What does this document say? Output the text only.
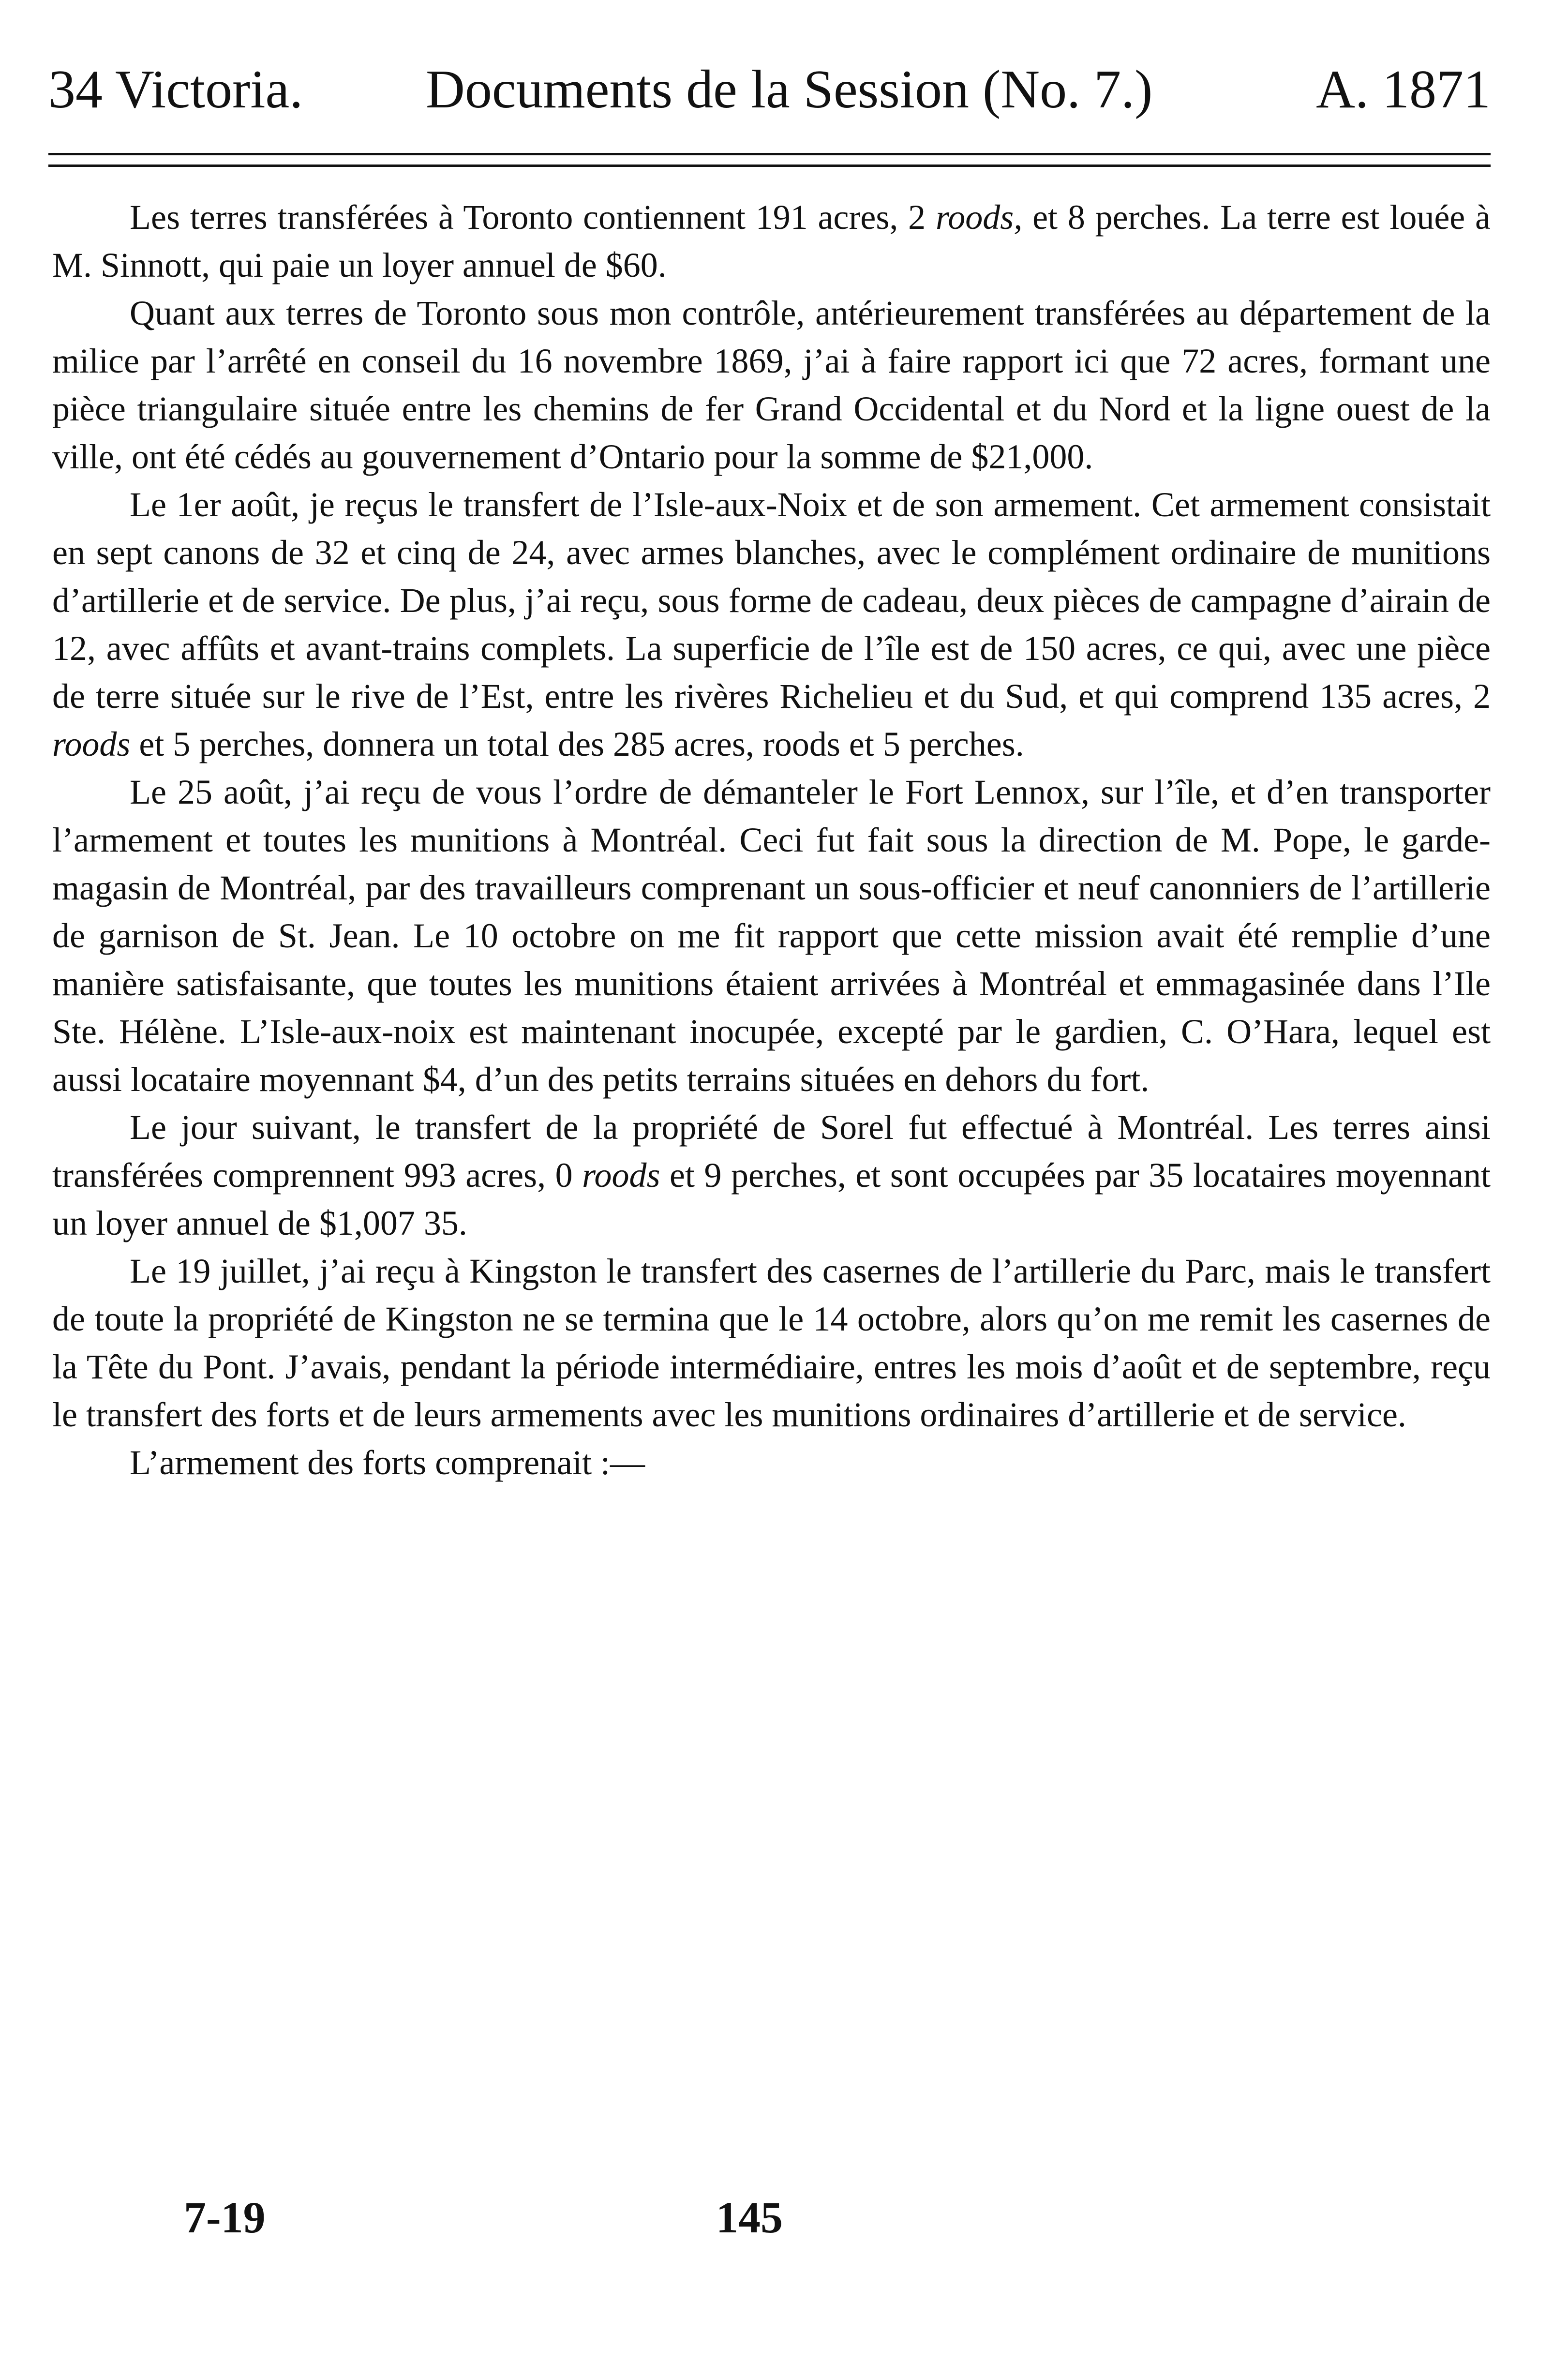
34 Victoria. Documents de la Session (No. 7.)	A. 1871

Les terres transférées à Toronto contiennent 191 acres, 2 roods, et 8 perches. La terre est louée à M. Sinnott, qui paie un loyer annuel de $60.

Quant aux terres de Toronto sous mon contrôle, antérieurement transférées au département de la milice par l’arrêté en conseil du 16 novembre 1869, j’ai à faire rapport ici que 72 acres, formant une pièce triangulaire située entre les chemins de fer Grand Occidental et du Nord et la ligne ouest de la ville, ont été cédés au gouvernement d’Ontario pour la somme de $21,000.

Le 1er août, je reçus le transfert de l’Isle-aux-Noix et de son armement. Cet armement consistait en sept canons de 32 et cinq de 24, avec armes blanches, avec le complément ordinaire de munitions d’artillerie et de service. De plus, j’ai reçu, sous forme de cadeau, deux pièces de campagne d’airain de 12, avec affûts et avant-trains complets. La superficie de l’île est de 150 acres, ce qui, avec une pièce de terre située sur le rive de l’Est, entre les rivères Richelieu et du Sud, et qui comprend 135 acres, 2 roods et 5 perches, donnera un total des 285 acres, roods et 5 perches.

Le 25 août, j’ai reçu de vous l’ordre de démanteler le Fort Lennox, sur l’île, et d’en transporter l’armement et toutes les munitions à Montréal. Ceci fut fait sous la direction de M. Pope, le garde-magasin de Montréal, par des travailleurs comprenant un sous-officier et neuf canonniers de l’artillerie de garnison de St. Jean. Le 10 octobre on me fit rapport que cette mission avait été remplie d’une manière satisfaisante, que toutes les munitions étaient arrivées à Montréal et emmagasinée dans l’Ile Ste. Hélène. L’Isle-aux-noix est maintenant inocupée, excepté par le gardien, C. O’Hara, lequel est aussi locataire moyennant $4, d’un des petits terrains situées en dehors du fort.

Le jour suivant, le transfert de la propriété de Sorel fut effectué à Montréal. Les terres ainsi transférées comprennent 993 acres, 0 roods et 9 perches, et sont occupées par 35 locataires moyennant un loyer annuel de $1,007 35.

Le 19 juillet, j’ai reçu à Kingston le transfert des casernes de l’artillerie du Parc, mais le transfert de toute la propriété de Kingston ne se termina que le 14 octobre, alors qu’on me remit les casernes de la Tête du Pont. J’avais, pendant la période intermédiaire, entres les mois d’août et de septembre, reçu le transfert des forts et de leurs armements avec les munitions ordinaires d’artillerie et de service.

L’armement des forts comprenait :—

7-19	145
